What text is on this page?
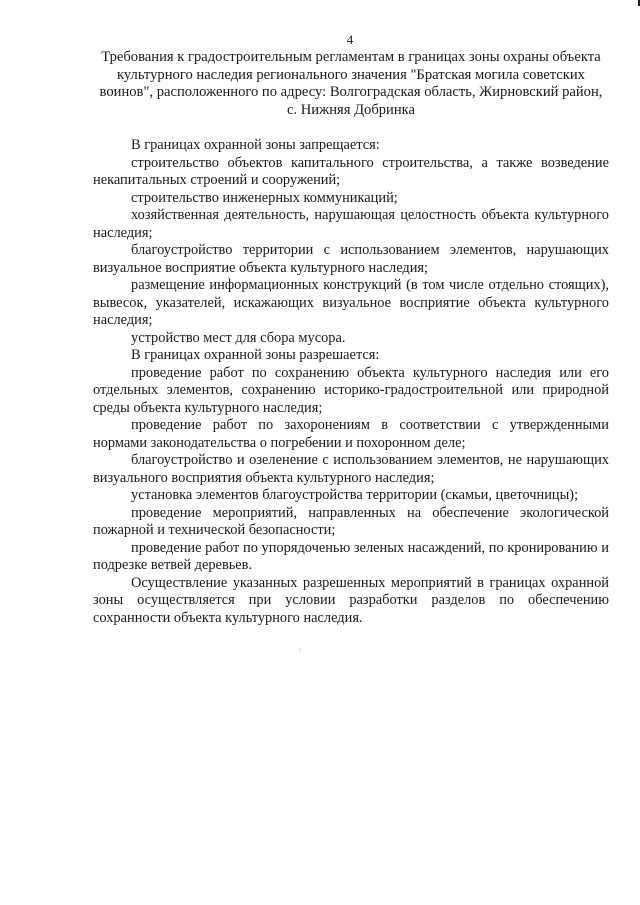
4
Требования к градостроительным регламентам в границах зоны охраны объекта
культурного наследия регионального значения "Братская могила советских
воинов", расположенного по адресу: Волгоградская область, Жирновский район,
с. Нижняя Добринка

В границах охранной зоны запрещается:

строительство объектов капитального строительства, а также возведение некапитальных строений и сооружений;

строительство инженерных коммуникаций;

хозяйственная деятельность, нарушающая целостность объекта культурного наследия;

благоустройство территории с использованием элементов, нарушающих визуальное восприятие объекта культурного наследия;

размещение информационных конструкций (в том числе отдельно стоящих), вывесок, указателей, искажающих визуальное восприятие объекта культурного наследия;

устройство мест для сбора мусора.

В границах охранной зоны разрешается:

проведение работ по сохранению объекта культурного наследия или его отдельных элементов, сохранению историко-градостроительной или природной среды объекта культурного наследия;

проведение работ по захоронениям в соответствии с утвержденными нормами законодательства о погребении и похоронном деле;

благоустройство и озеленение с использованием элементов, не нарушающих визуального восприятия объекта культурного наследия;

установка элементов благоустройства территории (скамьи, цветочницы);

проведение мероприятий, направленных на обеспечение экологической пожарной и технической безопасности;

проведение работ по упорядоченью зеленых насаждений, по кронированию и подрезке ветвей деревьев.

Осуществление указанных разрешенных мероприятий в границах охранной зоны осуществляется при условии разработки разделов по обеспечению сохранности объекта культурного наследия.
